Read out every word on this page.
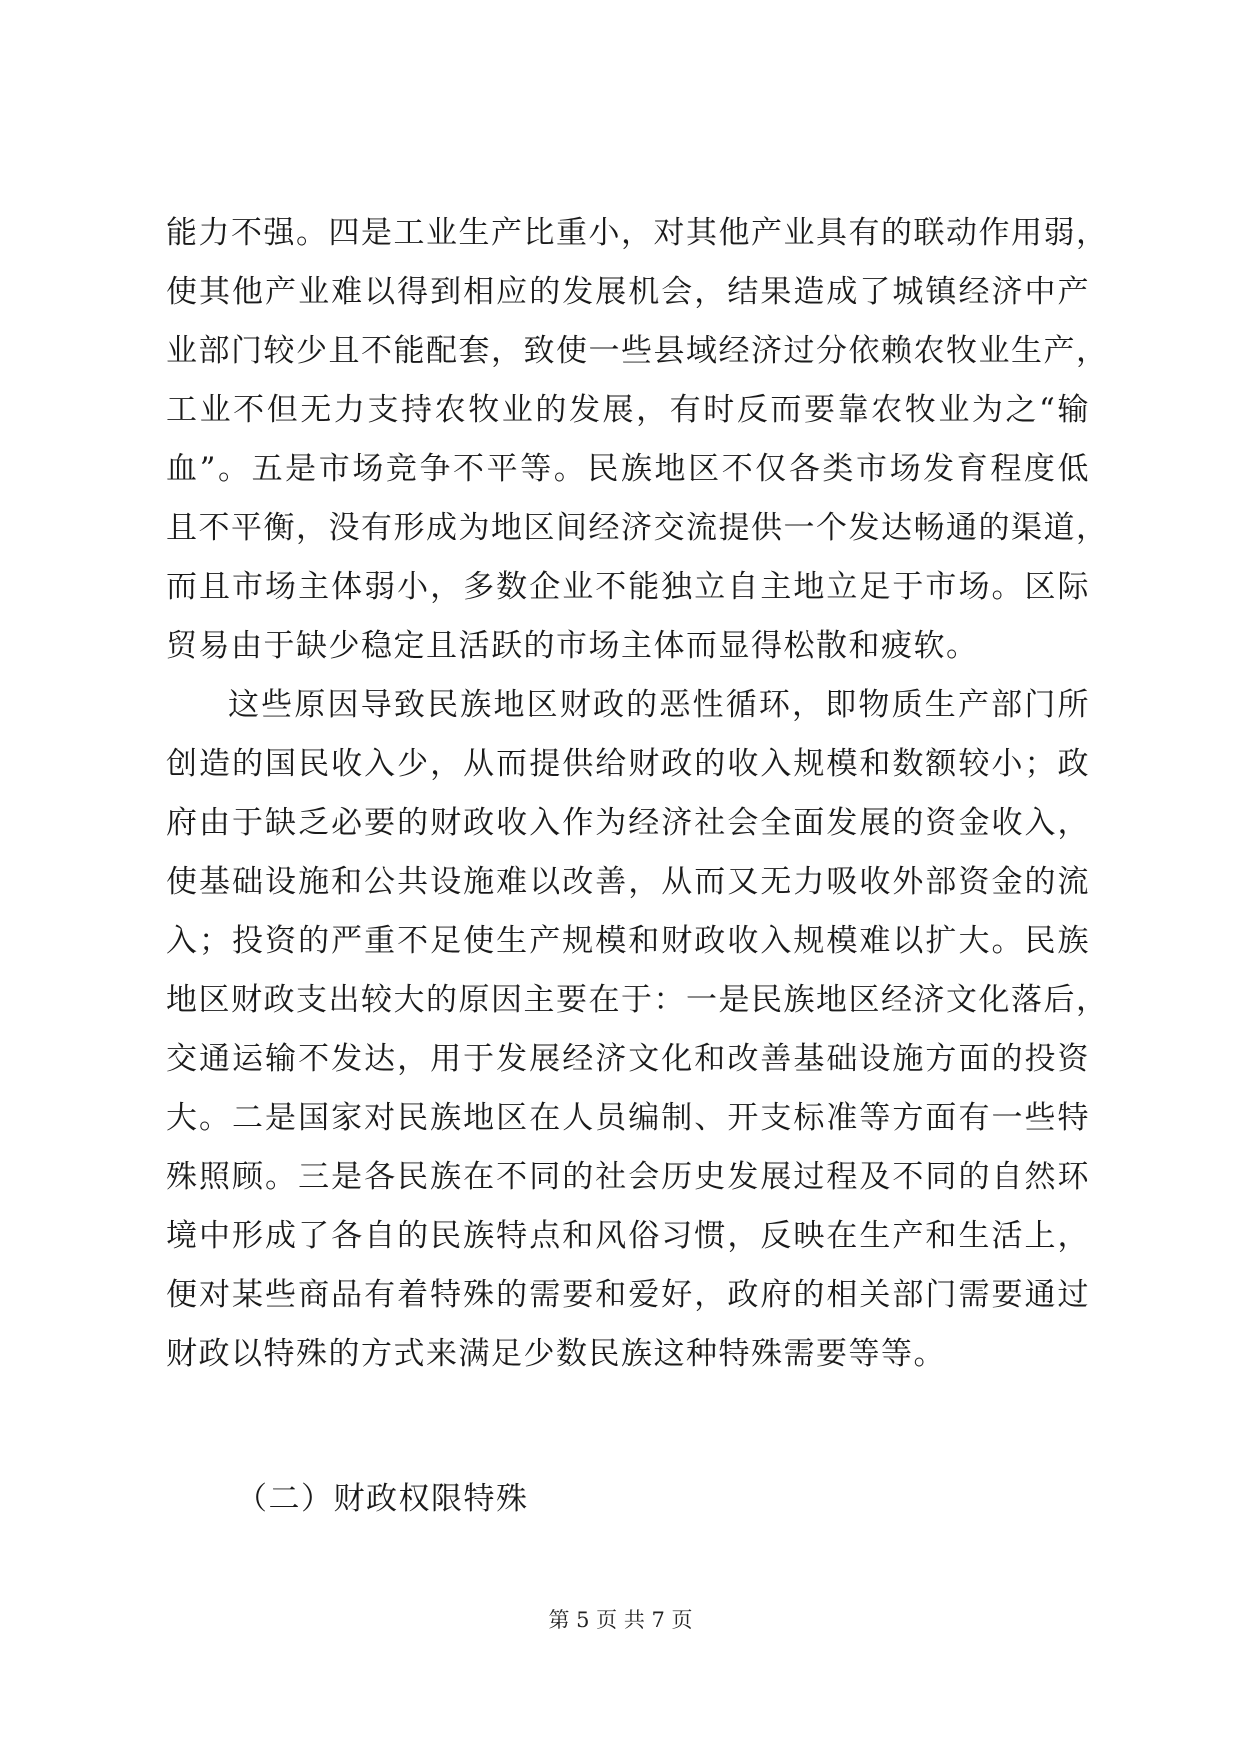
能力不强。四是工业生产比重小，对其他产业具有的联动作用弱，
使其他产业难以得到相应的发展机会，结果造成了城镇经济中产
业部门较少且不能配套，致使一些县域经济过分依赖农牧业生产，
工业不但无力支持农牧业的发展，有时反而要靠农牧业为之“输
血”。五是市场竞争不平等。民族地区不仅各类市场发育程度低
且不平衡，没有形成为地区间经济交流提供一个发达畅通的渠道，
而且市场主体弱小，多数企业不能独立自主地立足于市场。区际
贸易由于缺少稳定且活跃的市场主体而显得松散和疲软。
这些原因导致民族地区财政的恶性循环，即物质生产部门所
创造的国民收入少，从而提供给财政的收入规模和数额较小；政
府由于缺乏必要的财政收入作为经济社会全面发展的资金收入，
使基础设施和公共设施难以改善，从而又无力吸收外部资金的流
入；投资的严重不足使生产规模和财政收入规模难以扩大。民族
地区财政支出较大的原因主要在于：一是民族地区经济文化落后，
交通运输不发达，用于发展经济文化和改善基础设施方面的投资
大。二是国家对民族地区在人员编制、开支标准等方面有一些特
殊照顾。三是各民族在不同的社会历史发展过程及不同的自然环
境中形成了各自的民族特点和风俗习惯，反映在生产和生活上，
便对某些商品有着特殊的需要和爱好，政府的相关部门需要通过
财政以特殊的方式来满足少数民族这种特殊需要等等。
（二）财政权限特殊
第 5 页 共 7 页
